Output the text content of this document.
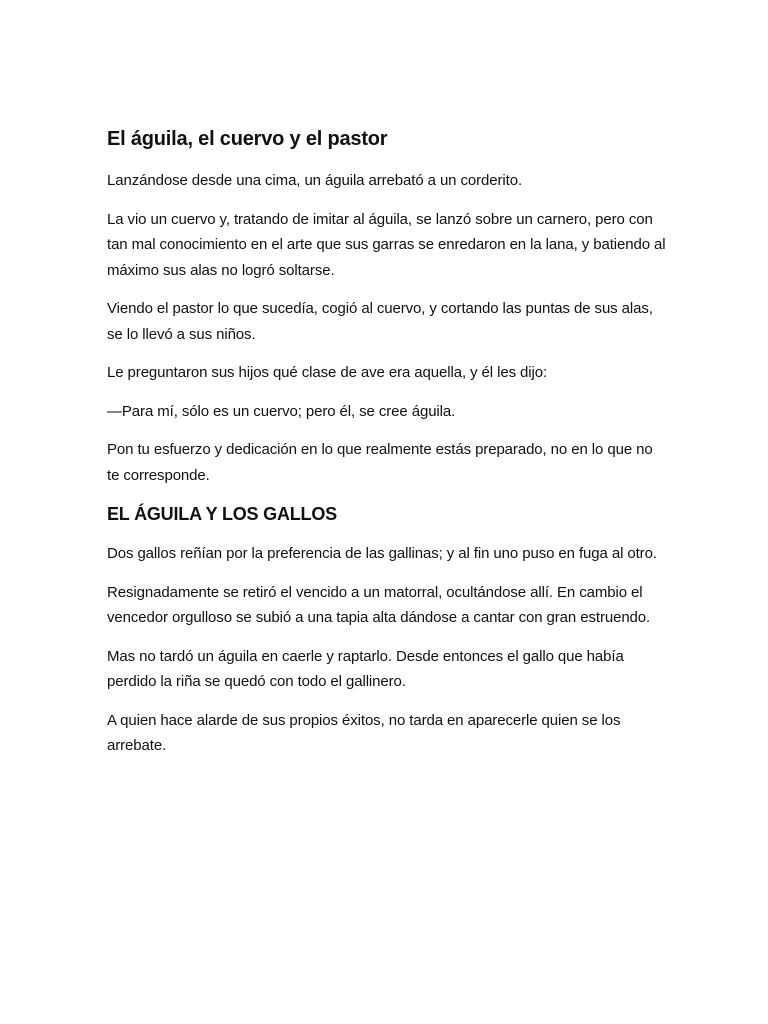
El águila, el cuervo y el pastor

Lanzándose desde una cima, un águila arrebató a un corderito.

La vio un cuervo y, tratando de imitar al águila, se lanzó sobre un carnero, pero con tan mal conocimiento en el arte que sus garras se enredaron en la lana, y batiendo al máximo sus alas no logró soltarse.

Viendo el pastor lo que sucedía, cogió al cuervo, y cortando las puntas de sus alas, se lo llevó a sus niños.

Le preguntaron sus hijos qué clase de ave era aquella, y él les dijo:

—Para mí, sólo es un cuervo; pero él, se cree águila.

Pon tu esfuerzo y dedicación en lo que realmente estás preparado, no en lo que no te corresponde.

EL ÁGUILA Y LOS GALLOS

Dos gallos reñían por la preferencia de las gallinas; y al fin uno puso en fuga al otro.

Resignadamente se retiró el vencido a un matorral, ocultándose allí. En cambio el vencedor orgulloso se subió a una tapia alta dándose a cantar con gran estruendo.

Mas no tardó un águila en caerle y raptarlo. Desde entonces el gallo que había perdido la riña se quedó con todo el gallinero.

A quien hace alarde de sus propios éxitos, no tarda en aparecerle quien se los arrebate.
